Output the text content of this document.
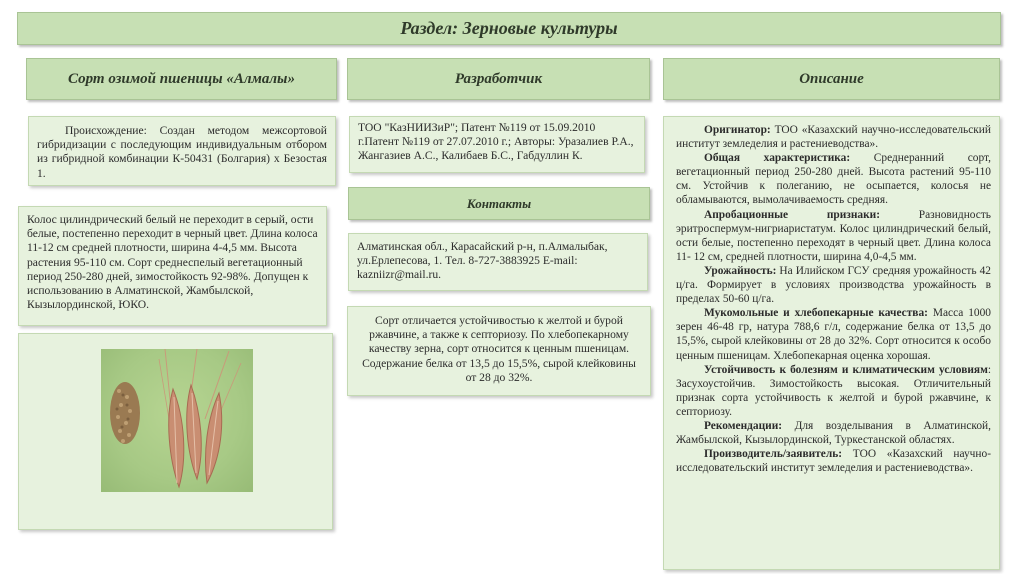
Раздел: Зерновые культуры
Сорт озимой пшеницы «Алмалы»	Разработчик	Описание

Происхождение: Создан методом межсортовой гибридизации с последующим индивидуальным отбором из гибридной комбинации К-50431 (Болгария) х Безостая 1.

Колос цилиндрический белый не переходит в серый, ости белые, постепенно переходит в черный цвет. Длина колоса 11-12 см средней плотности, ширина 4-4,5 мм. Высота растения 95-110 см. Сорт среднеспелый вегетационный период 250-280 дней, зимостойкость 92-98%. Допущен к использованию в Алматинской, Жамбылской, Кызылординской, ЮКО.

ТОО "КазНИИЗиР"; Патент №119 от 15.09.2010 г.Патент №119 от 27.07.2010 г.; Авторы: Уразалиев Р.А., Жангазиев А.С., Калибаев Б.С., Габдуллин К.

Контакты

Алматинская обл., Карасайский р-н, п.Алмалыбак, ул.Ерлепесова, 1. Тел. 8-727-3883925 E-mail: kazniizr@mail.ru.

Сорт отличается устойчивостью к желтой и бурой ржавчине, а также к септориозу. По хлебопекарному качеству зерна, сорт относится к ценным пшеницам. Содержание белка от 13,5 до 15,5%, сырой клейковины от 28 до 32%.

Оригинатор: ТОО «Казахский научно-исследовательский институт земледелия и растениеводства».

Общая характеристика: Среднеранний сорт, вегетационный период 250-280 дней. Высота растений 95-110 см. Устойчив к полеганию, не осыпается, колосья не обламываются, вымолачиваемость средняя.

Апробационные признаки: Разновидность эритроспермум-нигриаристатум. Колос цилиндрический белый, ости белые, постепенно переходят в черный цвет. Длина колоса 11- 12 см, средней плотности, ширина 4,0-4,5 мм.

Урожайность: На Илийском ГСУ средняя урожайность 42 ц/га. Формирует в условиях производства урожайность в пределах 50-60 ц/га.

Мукомольные и хлебопекарные качества: Масса 1000 зерен 46-48 гр, натура 788,6 г/л, содержание белка от 13,5 до 15,5%, сырой клейковины от 28 до 32%. Сорт относится к особо ценным пшеницам. Хлебопекарная оценка хорошая.

Устойчивость к болезням и климатическим условиям: Засухоустойчив. Зимостойкость высокая. Отличительный признак сорта устойчивость к желтой и бурой ржавчине, к септориозу.

Рекомендации: Для возделывания в Алматинской, Жамбылской, Кызылординской, Туркестанской областях.

Производитель/заявитель: ТОО «Казахский научно-исследовательский институт земледелия и растениеводства».
